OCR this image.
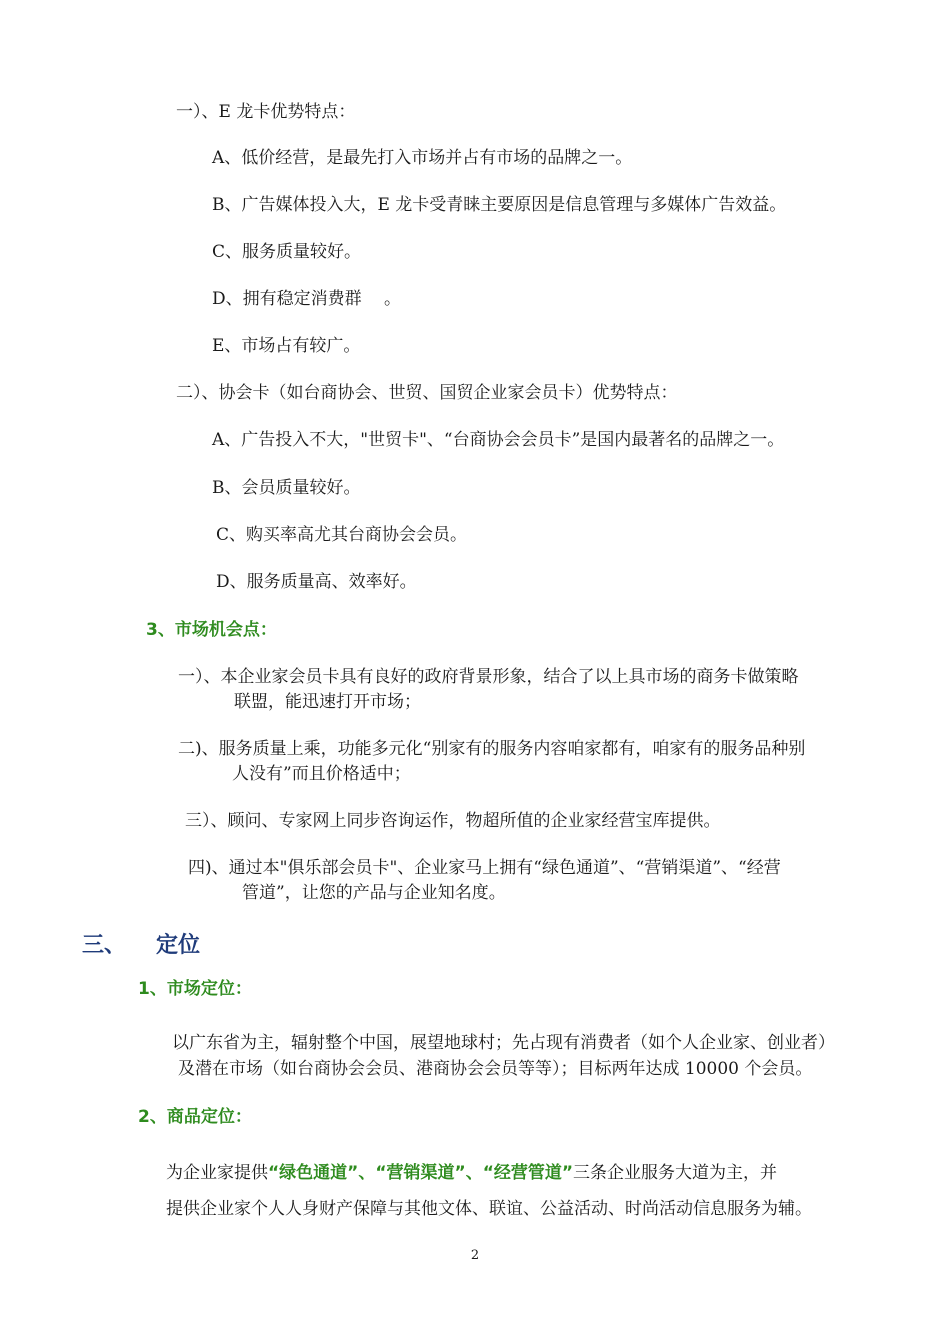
一）、E 龙卡优势特点：
A、低价经营，是最先打入市场并占有市场的品牌之一。
B、广告媒体投入大，E 龙卡受青睐主要原因是信息管理与多媒体广告效益。
C、服务质量较好。
D、拥有稳定消费群 　。
E、市场占有较广。
二）、协会卡（如台商协会、世贸、国贸企业家会员卡）优势特点：
A、广告投入不大，"世贸卡"、“台商协会会员卡”是国内最著名的品牌之一。
B、会员质量较好。
C、购买率高尤其台商协会会员。
D、服务质量高、效率好。
3、市场机会点：
一）、本企业家会员卡具有良好的政府背景形象，结合了以上具市场的商务卡做策略
联盟，能迅速打开市场；
二)、服务质量上乘，功能多元化“别家有的服务内容咱家都有，咱家有的服务品种别
人没有”而且价格适中；
三）、顾问、专家网上同步咨询运作，物超所值的企业家经营宝库提供。
四)、通过本"俱乐部会员卡"、企业家马上拥有“绿色通道”、“营销渠道”、“经营
管道”，让您的产品与企业知名度。
三、 定位
1、市场定位：
以广东省为主，辐射整个中国，展望地球村；先占现有消费者（如个人企业家、创业者）
及潜在市场（如台商协会会员、港商协会会员等等）；目标两年达成 10000 个会员。
2、商品定位：
为企业家提供“绿色通道”、“营销渠道”、“经营管道”三条企业服务大道为主，并
提供企业家个人人身财产保障与其他文体、联谊、公益活动、时尚活动信息服务为辅。
2
